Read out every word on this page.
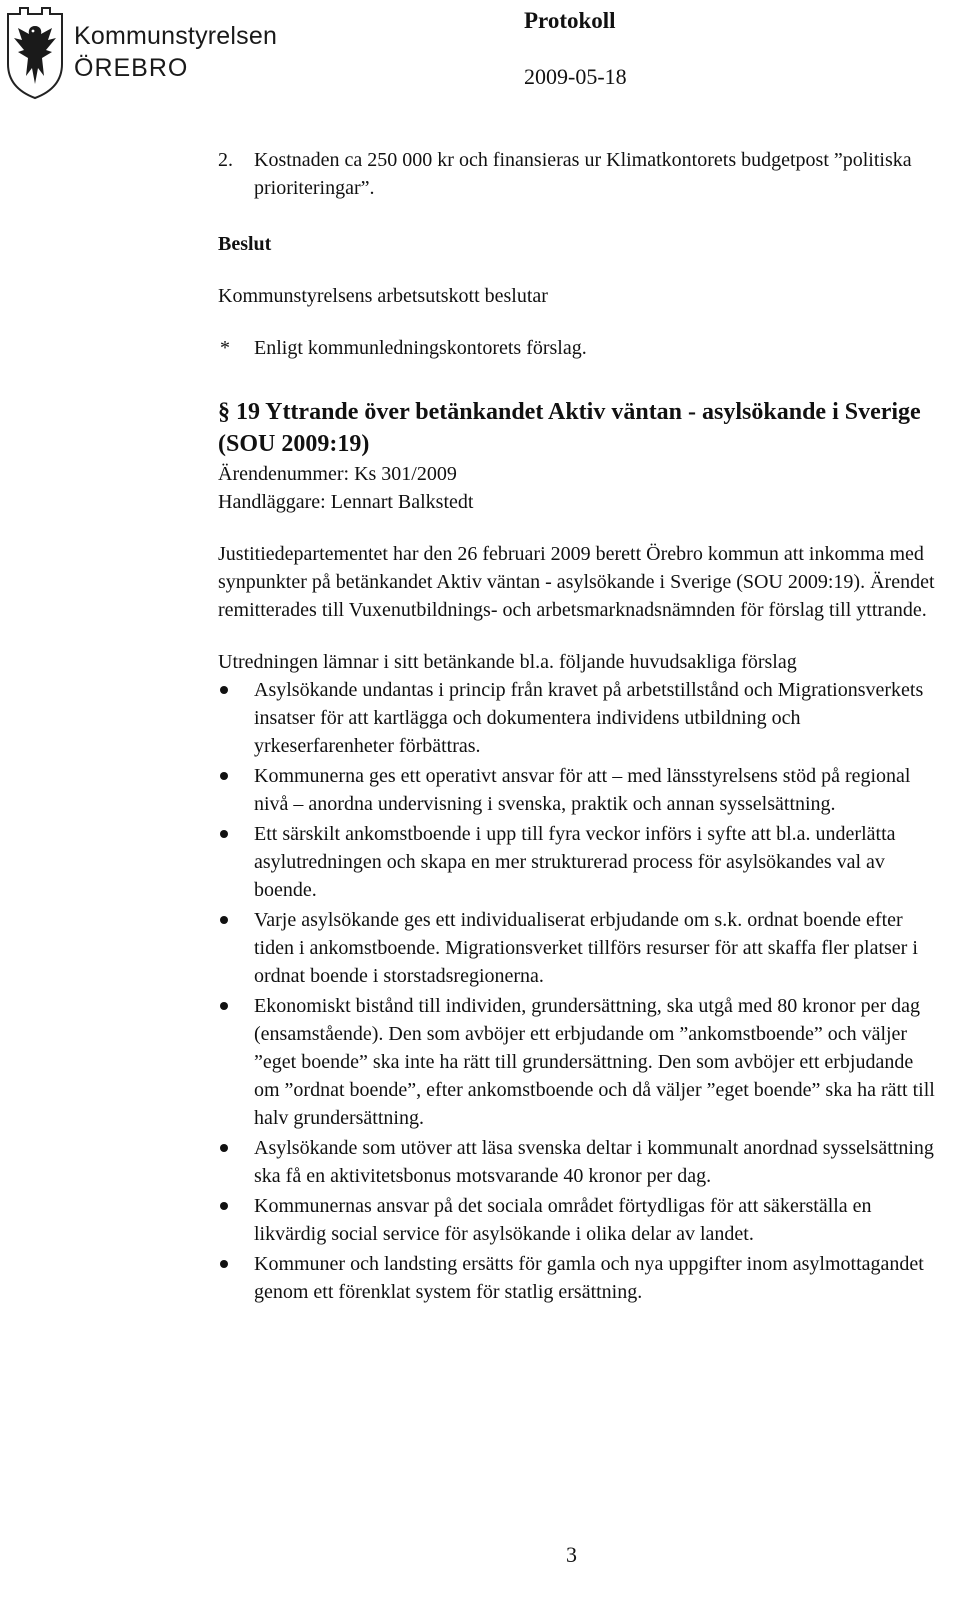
Kommunstyrelsen
ÖREBRO
Protokoll
2009-05-18
2.	Kostnaden ca 250 000 kr och finansieras ur Klimatkontorets budgetpost ”politiska prioriteringar”.
Beslut

Kommunstyrelsens arbetsutskott beslutar

*	Enligt kommunledningskontorets förslag.
§ 19 Yttrande över betänkandet Aktiv väntan - asylsökande i Sverige (SOU 2009:19)
Ärendenummer: Ks 301/2009
Handläggare: Lennart Balkstedt

Justitiedepartementet har den 26 februari 2009 berett Örebro kommun att inkomma med synpunkter på betänkandet Aktiv väntan - asylsökande i Sverige (SOU 2009:19). Ärendet remitterades till Vuxenutbildnings- och arbetsmarknadsnämnden för förslag till yttrande.

Utredningen lämnar i sitt betänkande bl.a. följande huvudsakliga förslag

Asylsökande undantas i princip från kravet på arbetstillstånd och Migrationsverkets insatser för att kartlägga och dokumentera individens utbildning och yrkeserfarenheter förbättras.
Kommunerna ges ett operativt ansvar för att – med länsstyrelsens stöd på regional nivå – anordna undervisning i svenska, praktik och annan sysselsättning.
Ett särskilt ankomstboende i upp till fyra veckor införs i syfte att bl.a. underlätta asylutredningen och skapa en mer strukturerad process för asylsökandes val av boende.
Varje asylsökande ges ett individualiserat erbjudande om s.k. ordnat boende efter tiden i ankomstboende. Migrationsverket tillförs resurser för att skaffa fler platser i ordnat boende i storstadsregionerna.
Ekonomiskt bistånd till individen, grundersättning, ska utgå med 80 kronor per dag (ensamstående). Den som avböjer ett erbjudande om ”ankomstboende” och väljer ”eget boende” ska inte ha rätt till grundersättning. Den som avböjer ett erbjudande om ”ordnat boende”, efter ankomstboende och då väljer ”eget boende” ska ha rätt till halv grundersättning.
Asylsökande som utöver att läsa svenska deltar i kommunalt anordnad sysselsättning ska få en aktivitetsbonus motsvarande 40 kronor per dag.
Kommunernas ansvar på det sociala området förtydligas för att säkerställa en likvärdig social service för asylsökande i olika delar av landet.
Kommuner och landsting ersätts för gamla och nya uppgifter inom asylmottagandet genom ett förenklat system för statlig ersättning.
3
